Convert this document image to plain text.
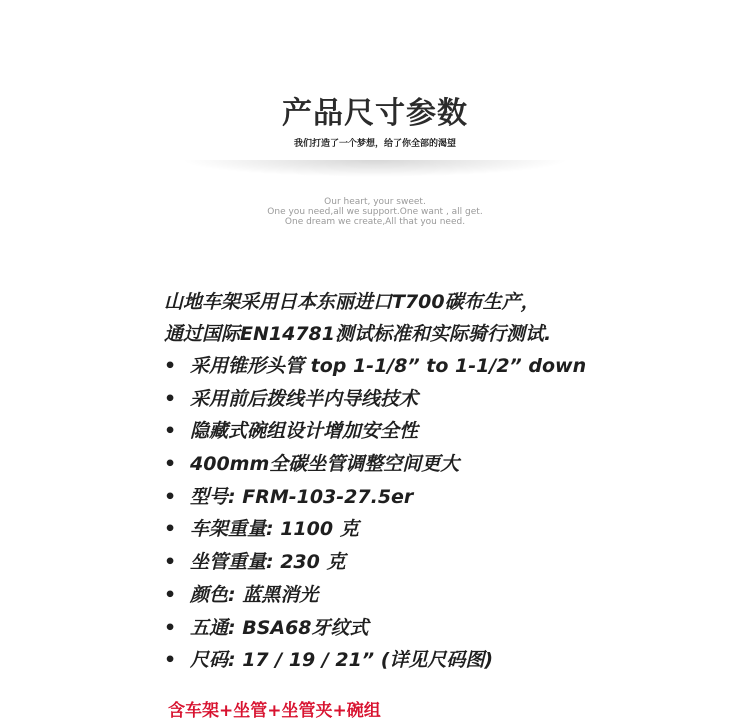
产品尺寸参数
我们打造了一个梦想，给了你全部的渴望
Our heart, your sweet.
One you need,all we support.One want , all get.
One dream we create,All that you need.
山地车架采用日本东丽进口T700碳布生产，
通过国际EN14781测试标准和实际骑行测试.
• 采用锥形头管 top 1-1/8” to 1-1/2” down
• 采用前后拨线半内导线技术
• 隐藏式碗组设计增加安全性
• 400mm全碳坐管调整空间更大
• 型号: FRM-103-27.5er
• 车架重量: 1100 克
• 坐管重量: 230 克
• 颜色: 蓝黑消光
• 五通: BSA68牙纹式
• 尺码: 17 / 19 / 21” (详见尺码图)
含车架+坐管+坐管夹+碗组
